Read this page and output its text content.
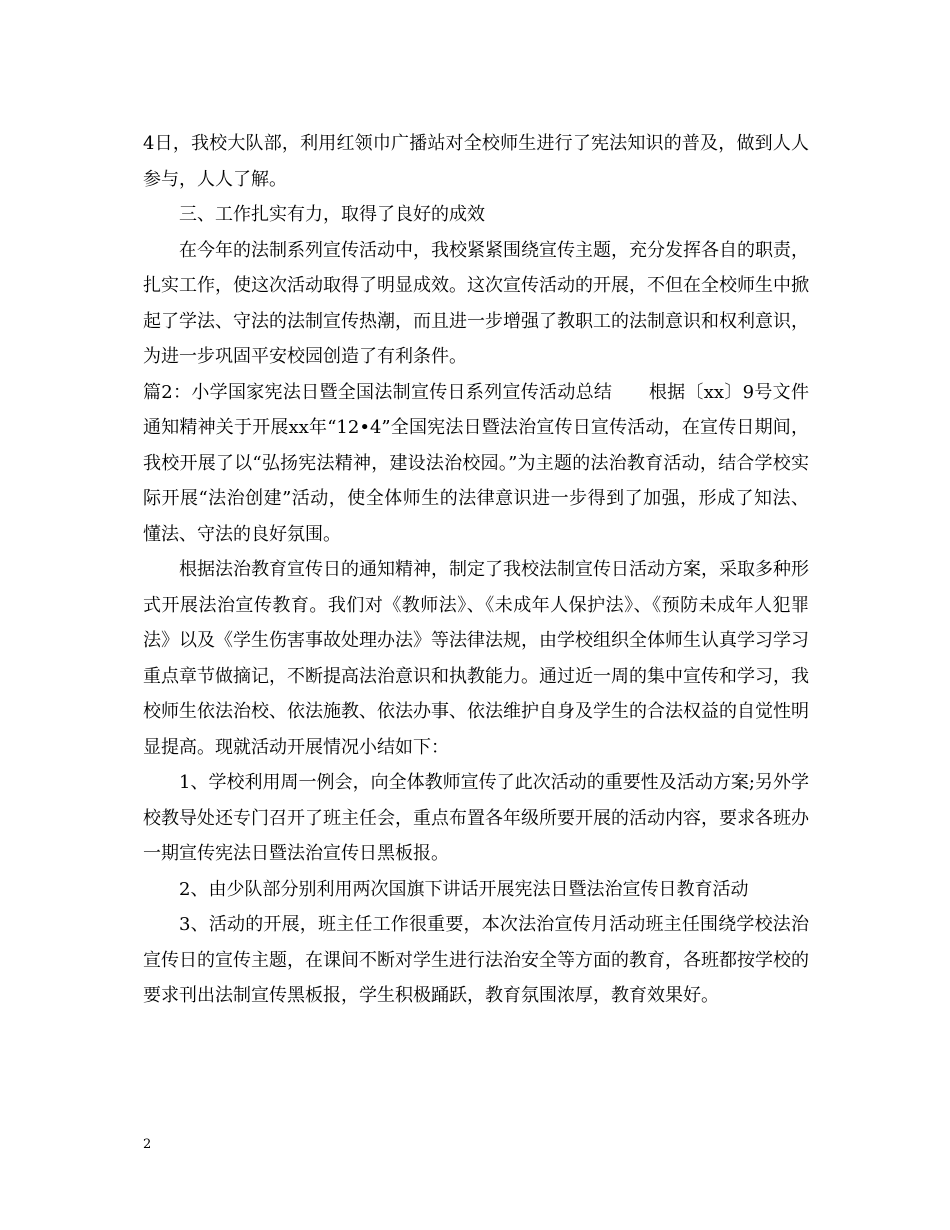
4日，我校大队部，利用红领巾广播站对全校师生进行了宪法知识的普及，做到人人参与，人人了解。

三、工作扎实有力，取得了良好的成效

在今年的法制系列宣传活动中，我校紧紧围绕宣传主题，充分发挥各自的职责，扎实工作，使这次活动取得了明显成效。这次宣传活动的开展，不但在全校师生中掀起了学法、守法的法制宣传热潮，而且进一步增强了教职工的法制意识和权利意识，为进一步巩固平安校园创造了有利条件。

篇2：小学国家宪法日暨全国法制宣传日系列宣传活动总结　　根据〔xx〕9号文件通知精神关于开展xx年“12•4”全国宪法日暨法治宣传日宣传活动，在宣传日期间，我校开展了以“弘扬宪法精神，建设法治校园。”为主题的法治教育活动，结合学校实际开展“法治创建”活动，使全体师生的法律意识进一步得到了加强，形成了知法、懂法、守法的良好氛围。

根据法治教育宣传日的通知精神，制定了我校法制宣传日活动方案，采取多种形式开展法治宣传教育。我们对《教师法》、《未成年人保护法》、《预防未成年人犯罪法》以及《学生伤害事故处理办法》等法律法规，由学校组织全体师生认真学习学习重点章节做摘记，不断提高法治意识和执教能力。通过近一周的集中宣传和学习，我校师生依法治校、依法施教、依法办事、依法维护自身及学生的合法权益的自觉性明显提高。现就活动开展情况小结如下：

1、学校利用周一例会，向全体教师宣传了此次活动的重要性及活动方案;另外学校教导处还专门召开了班主任会，重点布置各年级所要开展的活动内容，要求各班办一期宣传宪法日暨法治宣传日黑板报。

2、由少队部分别利用两次国旗下讲话开展宪法日暨法治宣传日教育活动

3、活动的开展，班主任工作很重要，本次法治宣传月活动班主任围绕学校法治宣传日的宣传主题，在课间不断对学生进行法治安全等方面的教育，各班都按学校的要求刊出法制宣传黑板报，学生积极踊跃，教育氛围浓厚，教育效果好。

2
